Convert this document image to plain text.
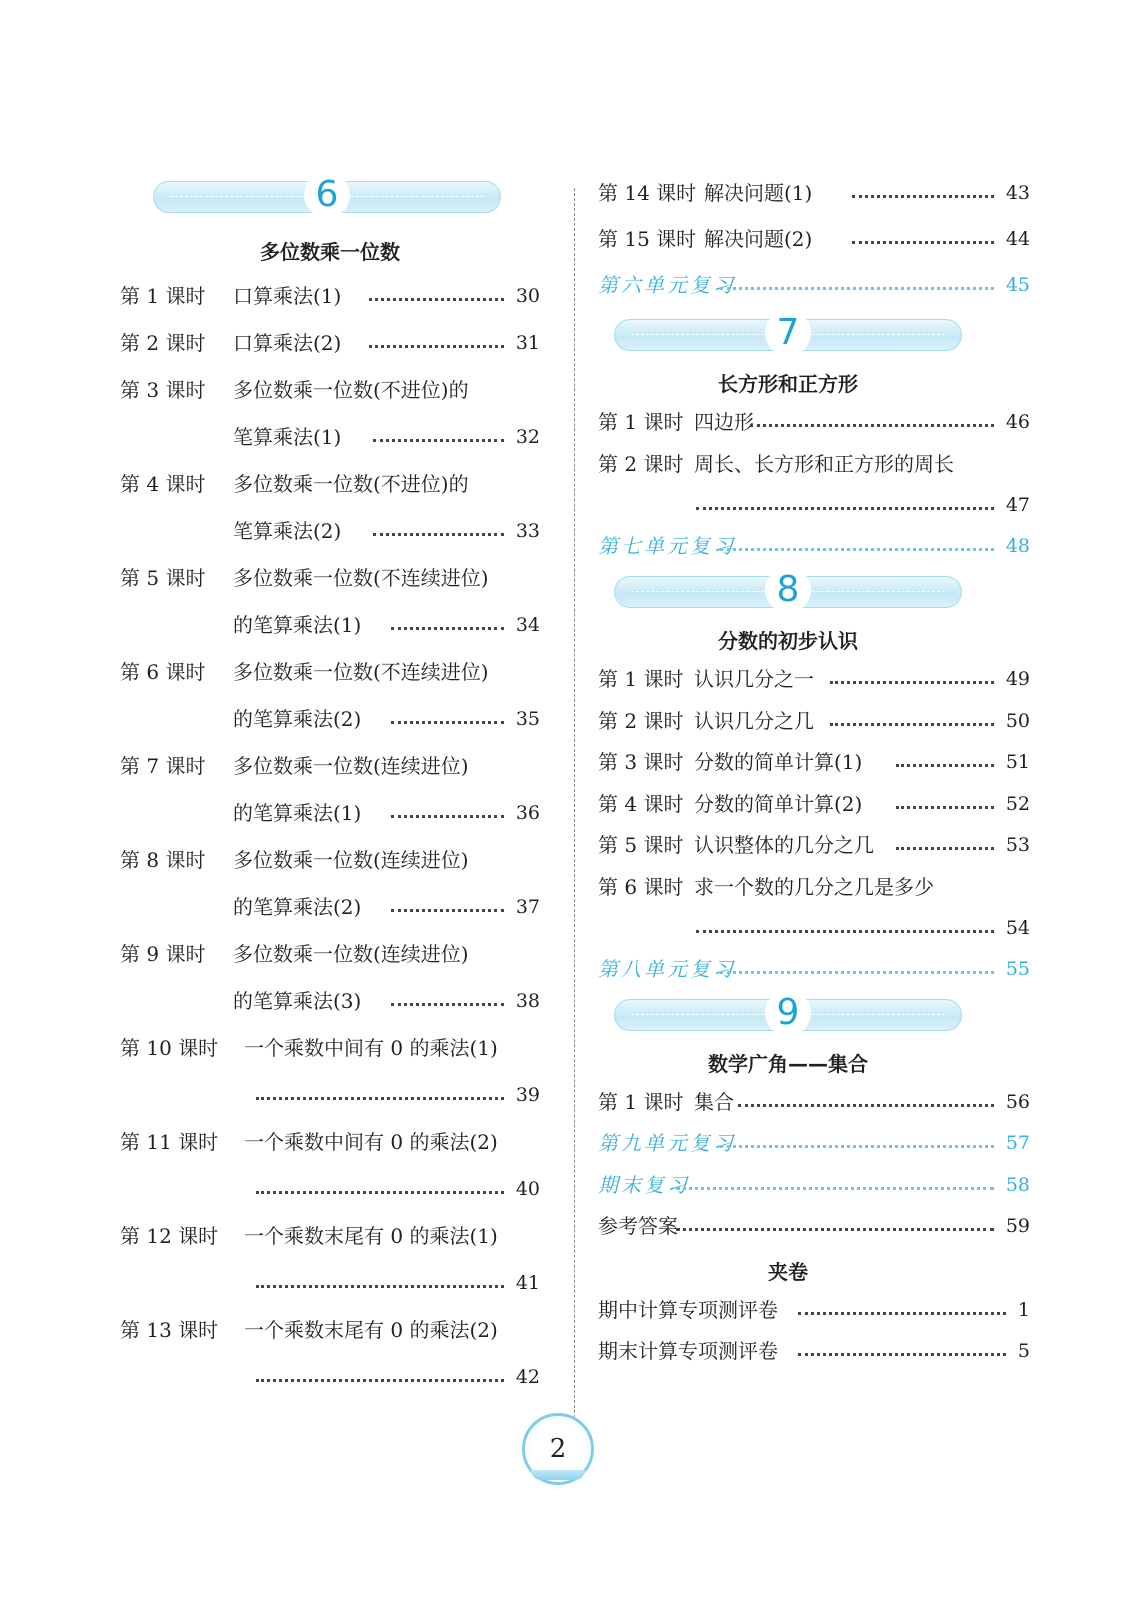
6
多位数乘一位数
第 1 课时 口算乘法(1)	30
第 2 课时 口算乘法(2)	31
第 3 课时 多位数乘一位数(不进位)的
笔算乘法(1)	32
第 4 课时 多位数乘一位数(不进位)的
笔算乘法(2)	33
第 5 课时 多位数乘一位数(不连续进位)
的笔算乘法(1)	34
第 6 课时 多位数乘一位数(不连续进位)
的笔算乘法(2)	35
第 7 课时 多位数乘一位数(连续进位)
的笔算乘法(1)	36
第 8 课时 多位数乘一位数(连续进位)
的笔算乘法(2)	37
第 9 课时 多位数乘一位数(连续进位)
的笔算乘法(3)	38
第 10 课时 一个乘数中间有 0 的乘法(1)
39
第 11 课时 一个乘数中间有 0 的乘法(2)
40
第 12 课时 一个乘数末尾有 0 的乘法(1)
41
第 13 课时 一个乘数末尾有 0 的乘法(2)
42
第 14 课时 解决问题(1)	43
第 15 课时 解决问题(2)	44
第六单元复习	45
7
长方形和正方形
第 1 课时 四边形	46
第 2 课时 周长、长方形和正方形的周长
47
第七单元复习	48
8
分数的初步认识
第 1 课时 认识几分之一	49
第 2 课时 认识几分之几	50
第 3 课时 分数的简单计算(1)	51
第 4 课时 分数的简单计算(2)	52
第 5 课时 认识整体的几分之几	53
第 6 课时 求一个数的几分之几是多少
54
第八单元复习	55
9
数学广角——集合
第 1 课时 集合	56
第九单元复习	57
期末复习	58
参考答案	59
夹卷
期中计算专项测评卷	1
期末计算专项测评卷	5
2
